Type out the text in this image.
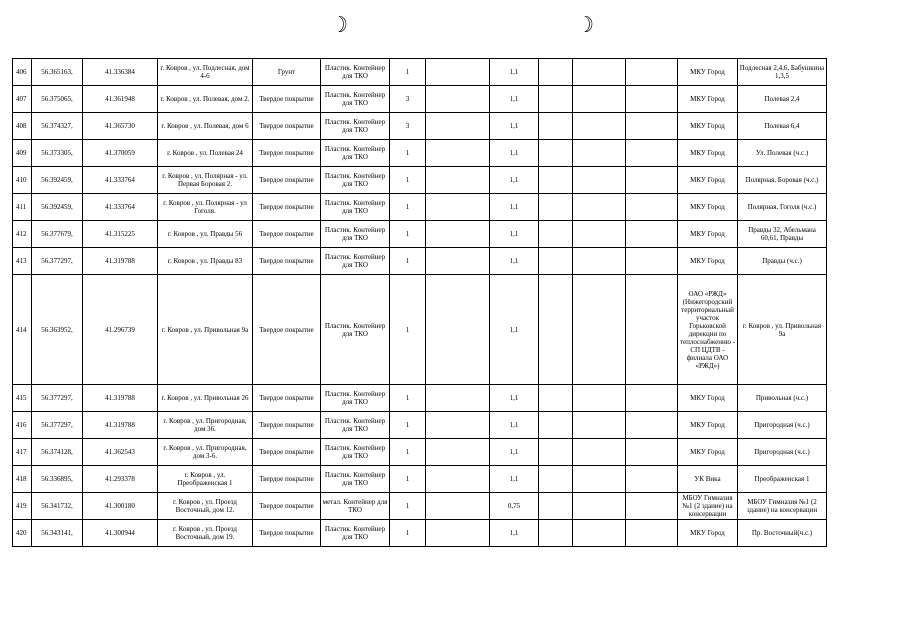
☽	☽
406	56.365163,	41.336384	г. Ковров , ул. Подлесная, дом 4-6	Грунт	Пластик. Контейнер для ТКО	1		1,1				МКУ Город	Подлесная 2,4,6, Бабушкина 1,3,5
407	56.375065,	41.361948	г. Ковров , ул. Полевая, дом 2.	Твердое покрытие	Пластик. Контейнер для ТКО	3		1,1				МКУ Город	Полевая 2,4
408	56.374327,	41.365730	г. Ковров , ул. Полевая, дом 6	Твердое покрытие	Пластик. Контейнер для ТКО	3		1,1				МКУ Город	Полевая 6,4
409	56.373305,	41.370059	г. Ковров , ул. Полевая 24	Твердое покрытие	Пластик. Контейнер для ТКО	1		1,1				МКУ Город	Ул. Полевая (ч.с.)
410	56.392459,	41.333764	г. Ковров , ул. Полярная - ул. Первая Боровая 2.	Твердое покрытие	Пластик. Контейнер для ТКО	1		1,1				МКУ Город	Полярная, Боровая (ч.с.)
411	56.392459,	41.333764	г. Ковров , ул. Полярная - ул Гоголя.	Твердое покрытие	Пластик. Контейнер для ТКО	1		1,1				МКУ Город	Полярная, Гоголя (ч.с.)
412	56.377679,	41.315225	г. Ковров , ул. Правды 56	Твердое покрытие	Пластик. Контейнер для ТКО	1		1,1				МКУ Город	Правды 32, Абельмана 60,61, Правды
413	56.377297,	41.319788	г. Ковров , ул. Правды 83	Твердое покрытие	Пластик. Контейнер для ТКО	1		1,1				МКУ Город	Правды (ч.с.)
414	56.363952,	41.296739	г. Ковров , ул. Привольная 9а	Твердое покрытие	Пластик. Контейнер для ТКО	1		1,1				ОАО «РЖД» (Нижегородский территориальный участок Горьковской дирекции по теплоснабжению - СП ЦДТВ - филиала ОАО «РЖД»)	г. Ковров , ул. Привольная 9а
415	56.377297,	41.319788	г. Ковров , ул. Привольная 26	Твердое покрытие	Пластик. Контейнер для ТКО	1		1,1				МКУ Город	Привольная (ч.с.)
416	56.377297,	41.319788	г. Ковров , ул. Пригородная, дом 36.	Твердое покрытие	Пластик. Контейнер для ТКО	1		1,1				МКУ Город	Пригородная (ч.с.)
417	56.374128,	41.362543	г. Ковров , ул. Пригородная, дом 3-6.	Твердое покрытие	Пластик. Контейнер для ТКО	1		1,1				МКУ Город	Пригородная (ч.с.)
418	56.336895,	41.293378	г. Ковров , ул. Преображенская 1	Твердое покрытие	Пластик. Контейнер для ТКО	1		1,1				УК Вика	Преображенская 1
419	56.341732,	41.300180	г. Ковров , ул. Проезд Восточный, дом 12.	Твердое покрытие	метал. Контейнер для ТКО	1		0,75				МБОУ Гимназия №1 (2 здание) на консервации	МБОУ Гимназия №1 (2 здание) на консервации
420	56.343141,	41.300944	г. Ковров , ул. Проезд Восточный, дом 19.	Твердое покрытие	Пластик. Контейнер для ТКО	1		1,1				МКУ Город	Пр. Восточный(ч.с.)
